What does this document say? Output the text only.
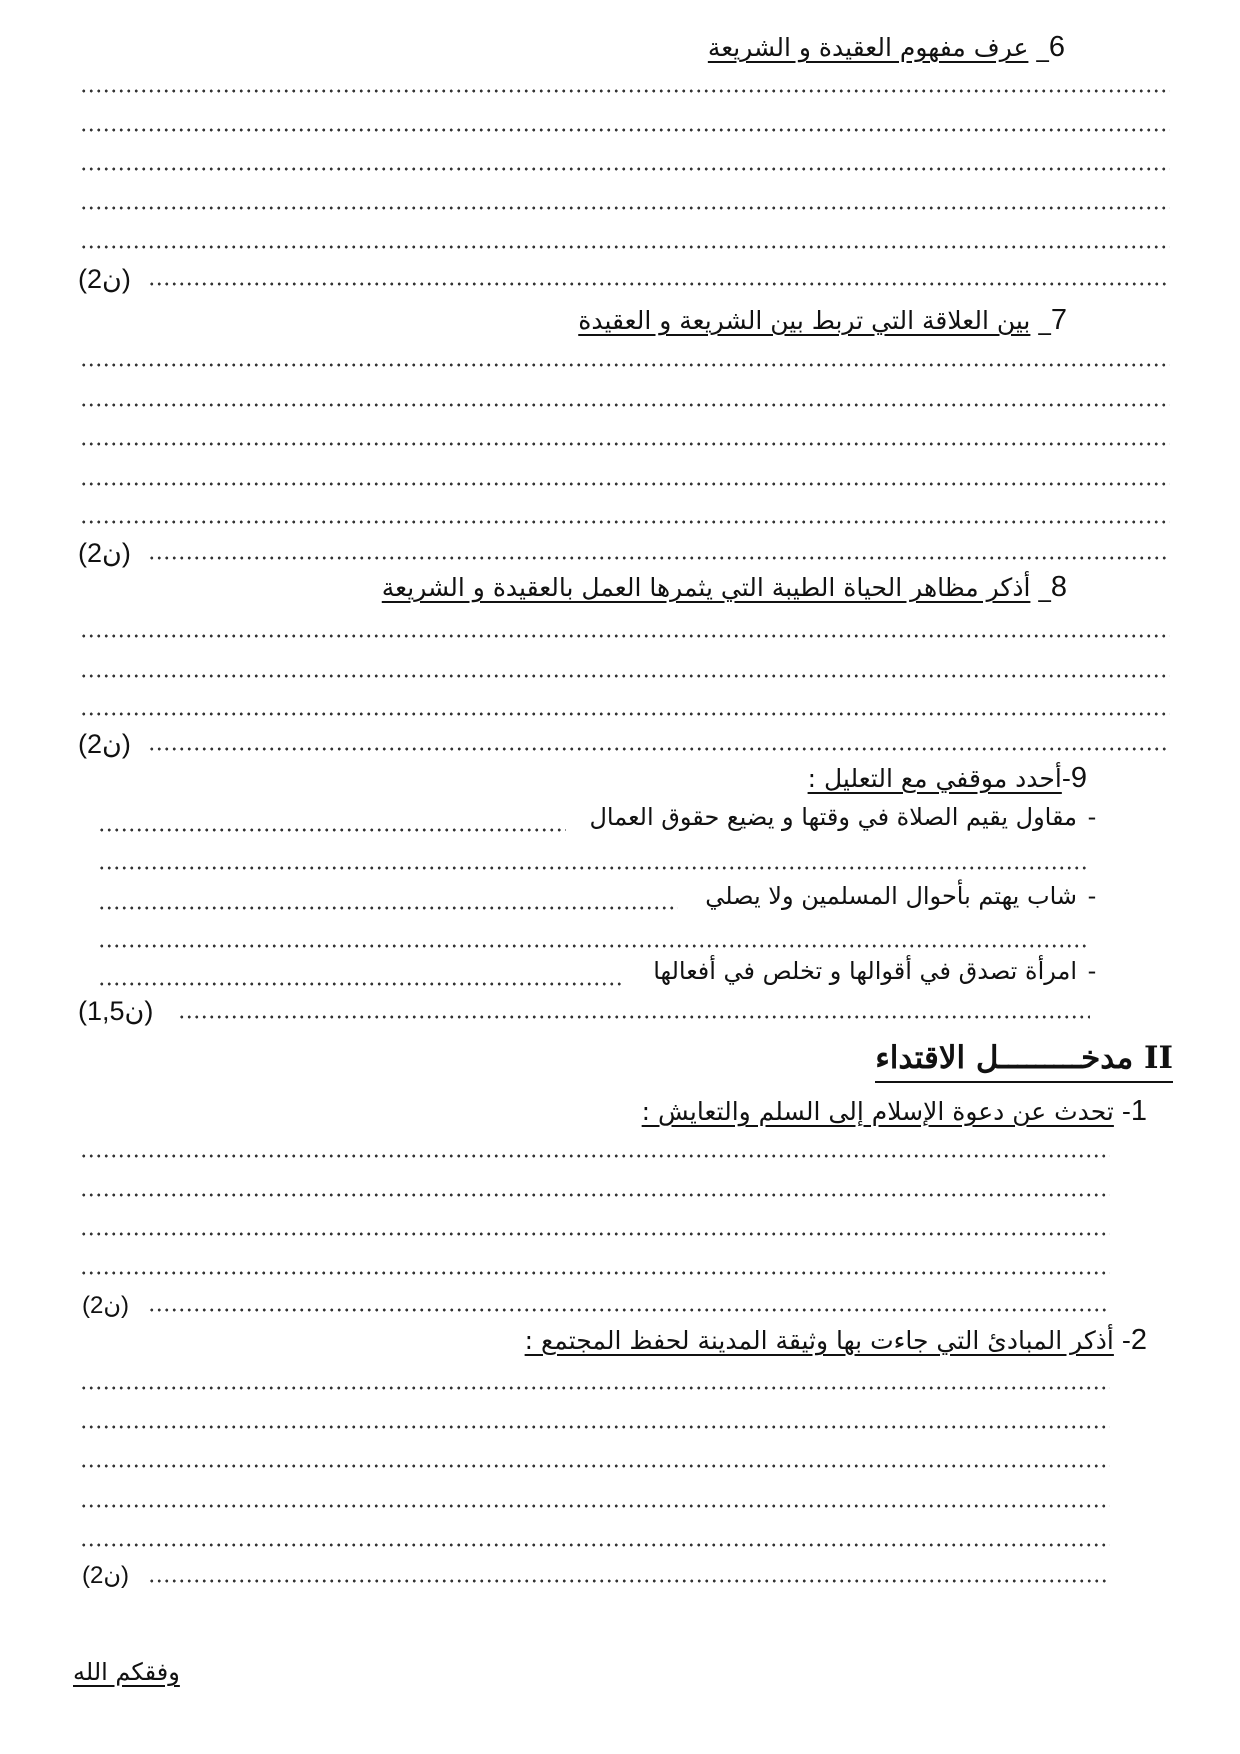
6_ عرف مفهوم العقيدة و الشريعة
(2ن)
7_ بين العلاقة التي تربط بين الشريعة و العقيدة
(2ن)
8_ أذكر مظاهر الحياة الطيبة التي يثمرها العمل بالعقيدة و الشريعة
(2ن)
9-أحدد موقفي مع التعليل :
-مقاول يقيم الصلاة في وقتها و يضيع حقوق العمال
-شاب يهتم بأحوال المسلمين ولا يصلي
-امرأة تصدق في أقوالها و تخلص في أفعالها
(1,5ن)
II مدخـــــــــل الاقتداء
1- تحدث عن دعوة الإسلام إلى السلم والتعايش :
(2ن)
2- أذكر المبادئ التي جاءت بها وثيقة المدينة لحفظ المجتمع :
(2ن)
وفقكم الله
